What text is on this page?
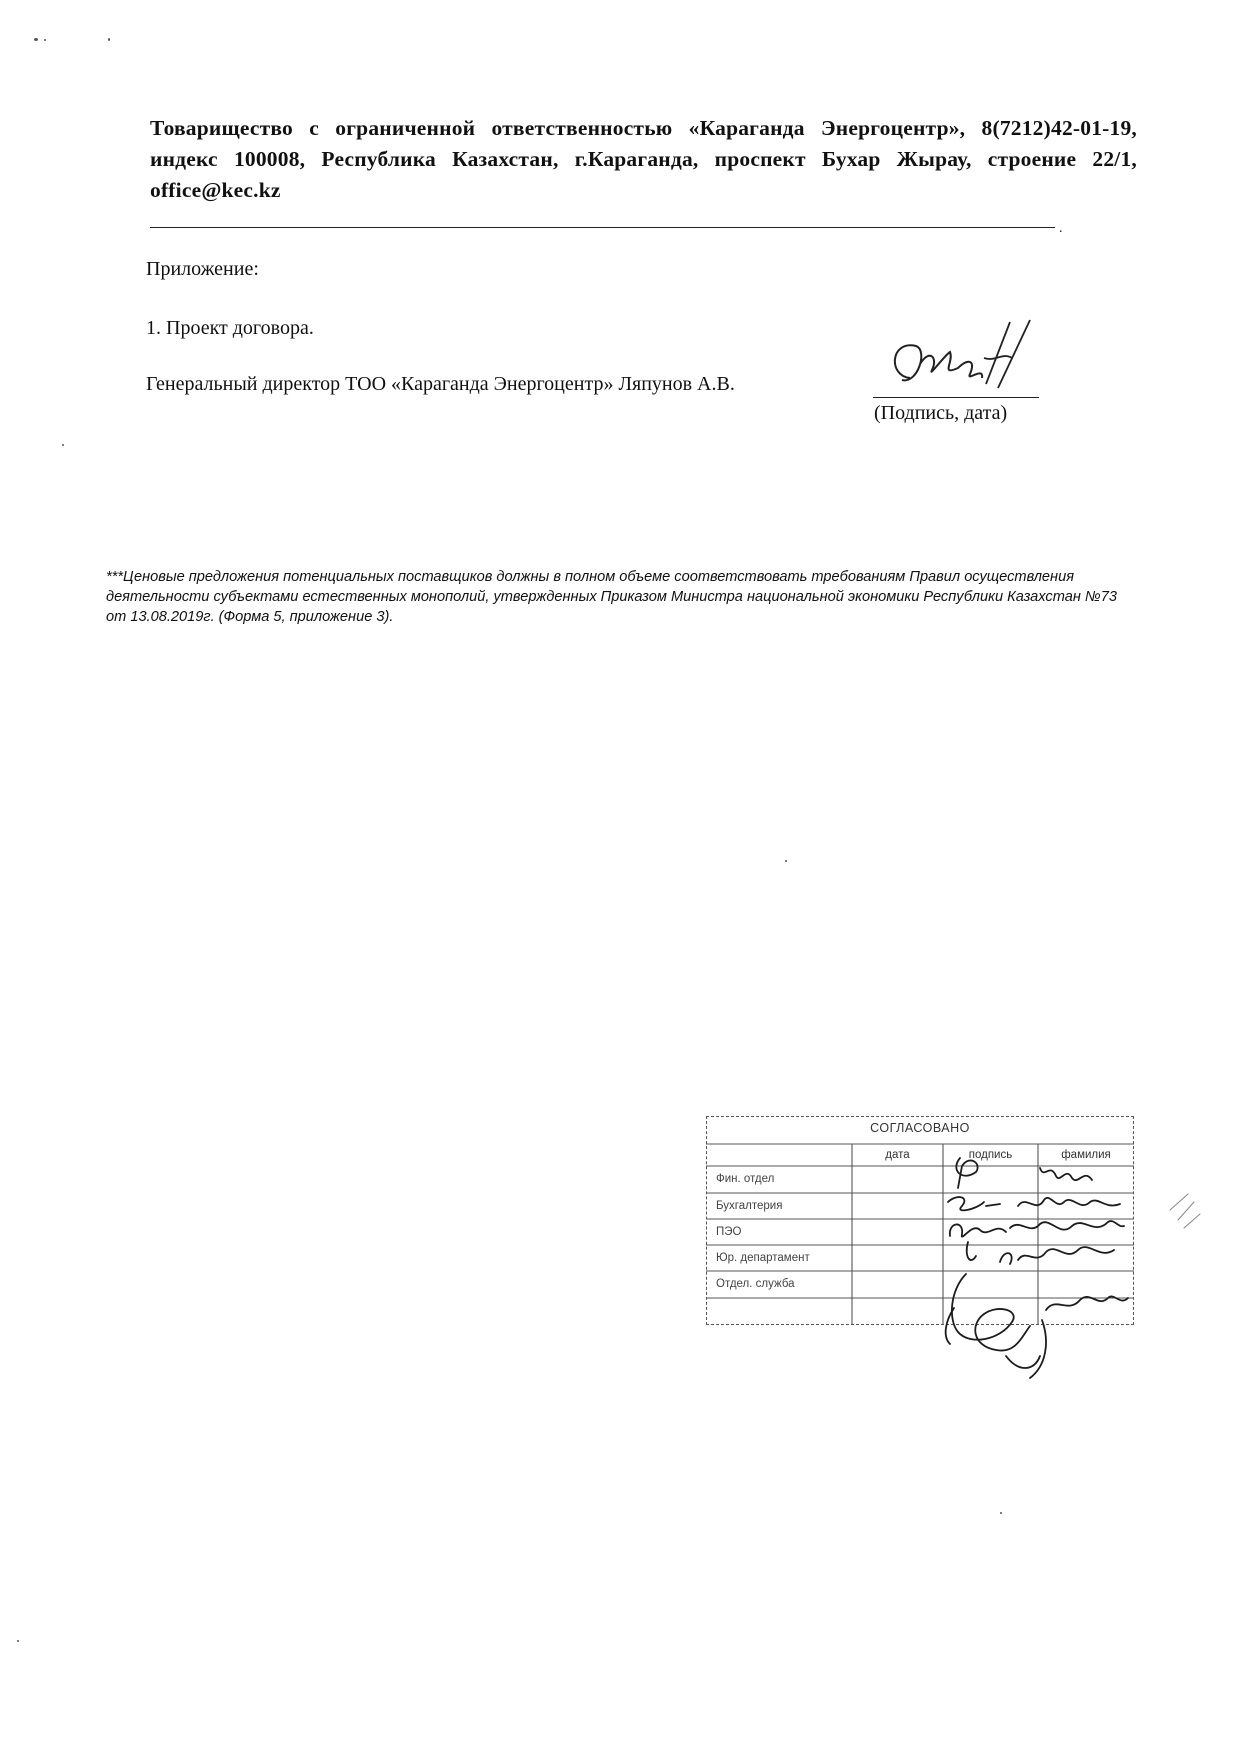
Товарищество с ограниченной ответственностью «Караганда Энергоцентр», 8(7212)42-01-19, индекс 100008, Республика Казахстан, г.Караганда, проспект Бухар Жырау, строение 22/1, office@kec.kz
.
Приложение:
1. Проект договора.
Генеральный директор ТОО «Караганда Энергоцентр» Ляпунов А.В.
(Подпись, дата)
***Ценовые предложения потенциальных поставщиков должны в полном объеме соответствовать требованиям Правил осуществления деятельности субъектами естественных монополий, утвержденных Приказом Министра национальной экономики Республики Казахстан №73 от 13.08.2019г. (Форма 5, приложение 3).
СОГЛАСОВАНО
дата	подпись	фамилия
Фин. отдел
Бухгалтерия
ПЭО
Юр. департамент
Отдел. служба
